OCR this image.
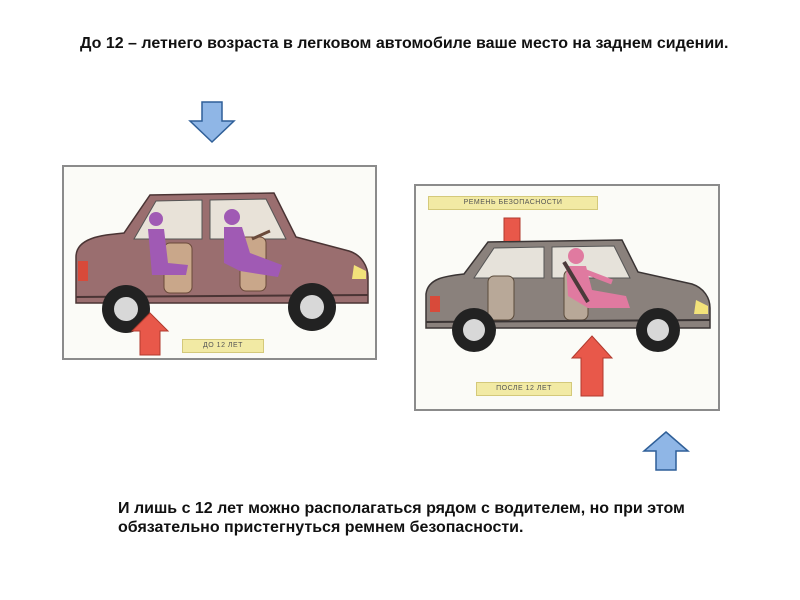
До 12 – летнего возраста в легковом автомобиле ваше место на заднем сидении.

ДО 12 ЛЕТ
РЕМЕНЬ БЕЗОПАСНОСТИ
ПОСЛЕ 12 ЛЕТ

И лишь с 12 лет можно располагаться рядом с водителем, но при этом обязательно пристегнуться ремнем безопасности.
